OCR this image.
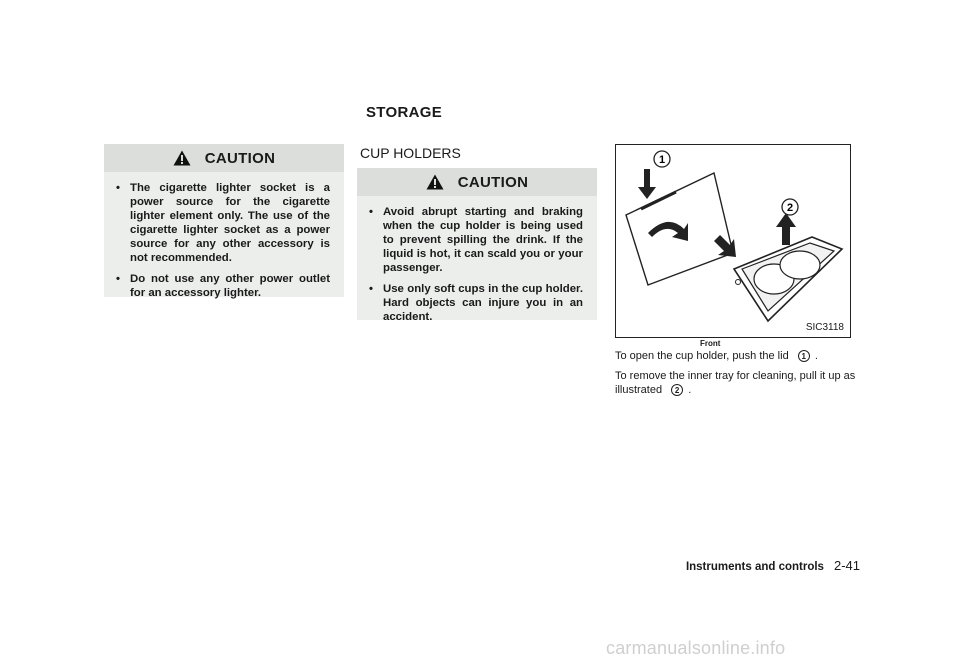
STORAGE
CAUTION
• The cigarette lighter socket is a power source for the cigarette lighter element only. The use of the cigarette lighter socket as a power source for any other accessory is not recommended.
• Do not use any other power outlet for an accessory lighter.
CUP HOLDERS
CAUTION
• Avoid abrupt starting and braking when the cup holder is being used to prevent spilling the drink. If the liquid is hot, it can scald you or your passenger.
• Use only soft cups in the cup holder. Hard objects can injure you in an accident.
1
2
SIC3118
Front
To open the cup holder, push the lid 1 .
To remove the inner tray for cleaning, pull it up as illustrated 2 .
Instruments and controls 2-41
carmanualsonline.info
